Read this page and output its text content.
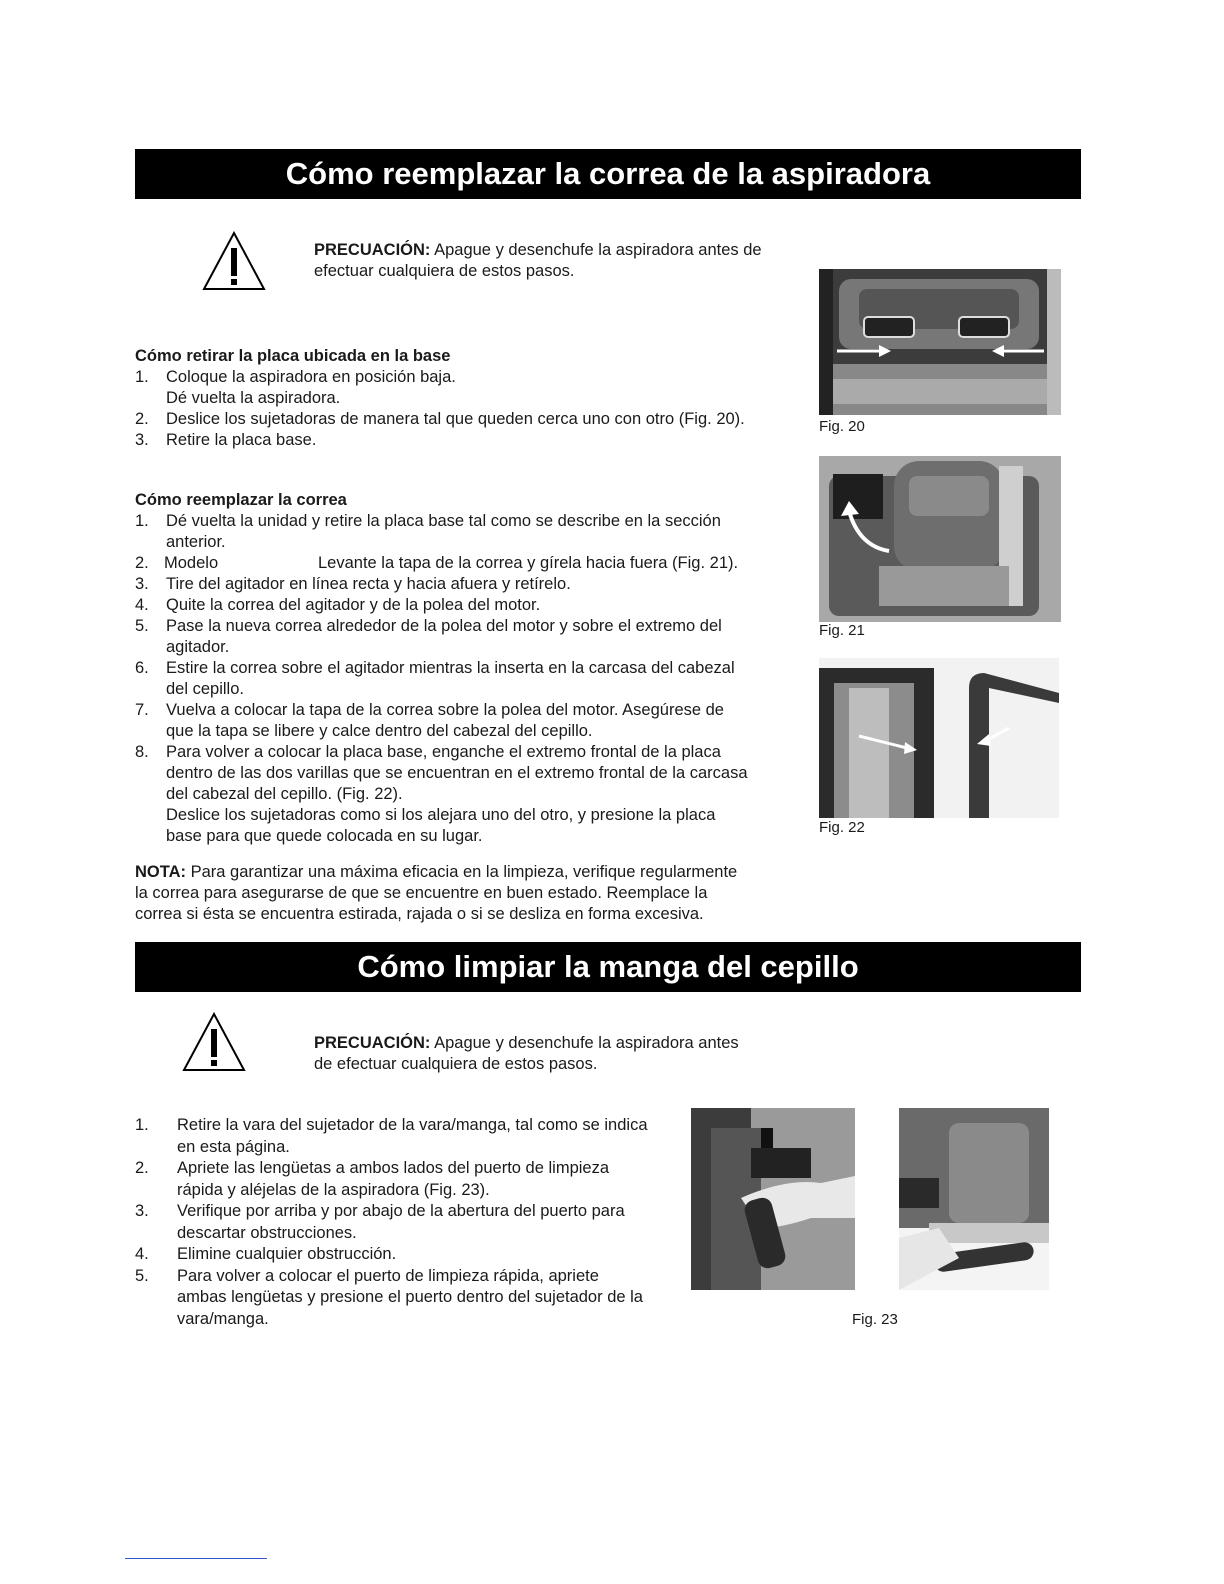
Cómo reemplazar la correa de la aspiradora
PRECUACIÓN: Apague y desenchufe la aspiradora antes de
efectuar cualquiera de estos pasos.
Cómo retirar la placa ubicada en la base
1. Coloque la aspiradora en posición baja.
Dé vuelta la aspiradora.
2. Deslice los sujetadoras de manera tal que queden cerca uno con otro (Fig. 20).
3. Retire la placa base.
Cómo reemplazar la correa
1. Dé vuelta la unidad y retire la placa base tal como se describe en la sección
anterior.
2. Modelo	Levante la tapa de la correa y gírela hacia fuera (Fig. 21).
3. Tire del agitador en línea recta y hacia afuera y retírelo.
4. Quite la correa del agitador y de la polea del motor.
5. Pase la nueva correa alrededor de la polea del motor y sobre el extremo del
agitador.
6. Estire la correa sobre el agitador mientras la inserta en la carcasa del cabezal
del cepillo.
7. Vuelva a colocar la tapa de la correa sobre la polea del motor. Asegúrese de
que la tapa se libere y calce dentro del cabezal del cepillo.
8. Para volver a colocar la placa base, enganche el extremo frontal de la placa
dentro de las dos varillas que se encuentran en el extremo frontal de la carcasa
del cabezal del cepillo. (Fig. 22).
Deslice los sujetadoras como si los alejara uno del otro, y presione la placa
base para que quede colocada en su lugar.
NOTA: Para garantizar una máxima eficacia en la limpieza, verifique regularmente
la correa para asegurarse de que se encuentre en buen estado. Reemplace la
correa si ésta se encuentra estirada, rajada o si se desliza en forma excesiva.
Fig. 20
Fig. 21
Fig. 22
Cómo limpiar la manga del cepillo
PRECUACIÓN: Apague y desenchufe la aspiradora antes
de efectuar cualquiera de estos pasos.
1. Retire la vara del sujetador de la vara/manga, tal como se indica
en esta página.
2. Apriete las lengüetas a ambos lados del puerto de limpieza
rápida y aléjelas de la aspiradora (Fig. 23).
3. Verifique por arriba y por abajo de la abertura del puerto para
descartar obstrucciones.
4. Elimine cualquier obstrucción.
5. Para volver a colocar el puerto de limpieza rápida, apriete
ambas lengüetas y presione el puerto dentro del sujetador de la
vara/manga.	Fig. 23
